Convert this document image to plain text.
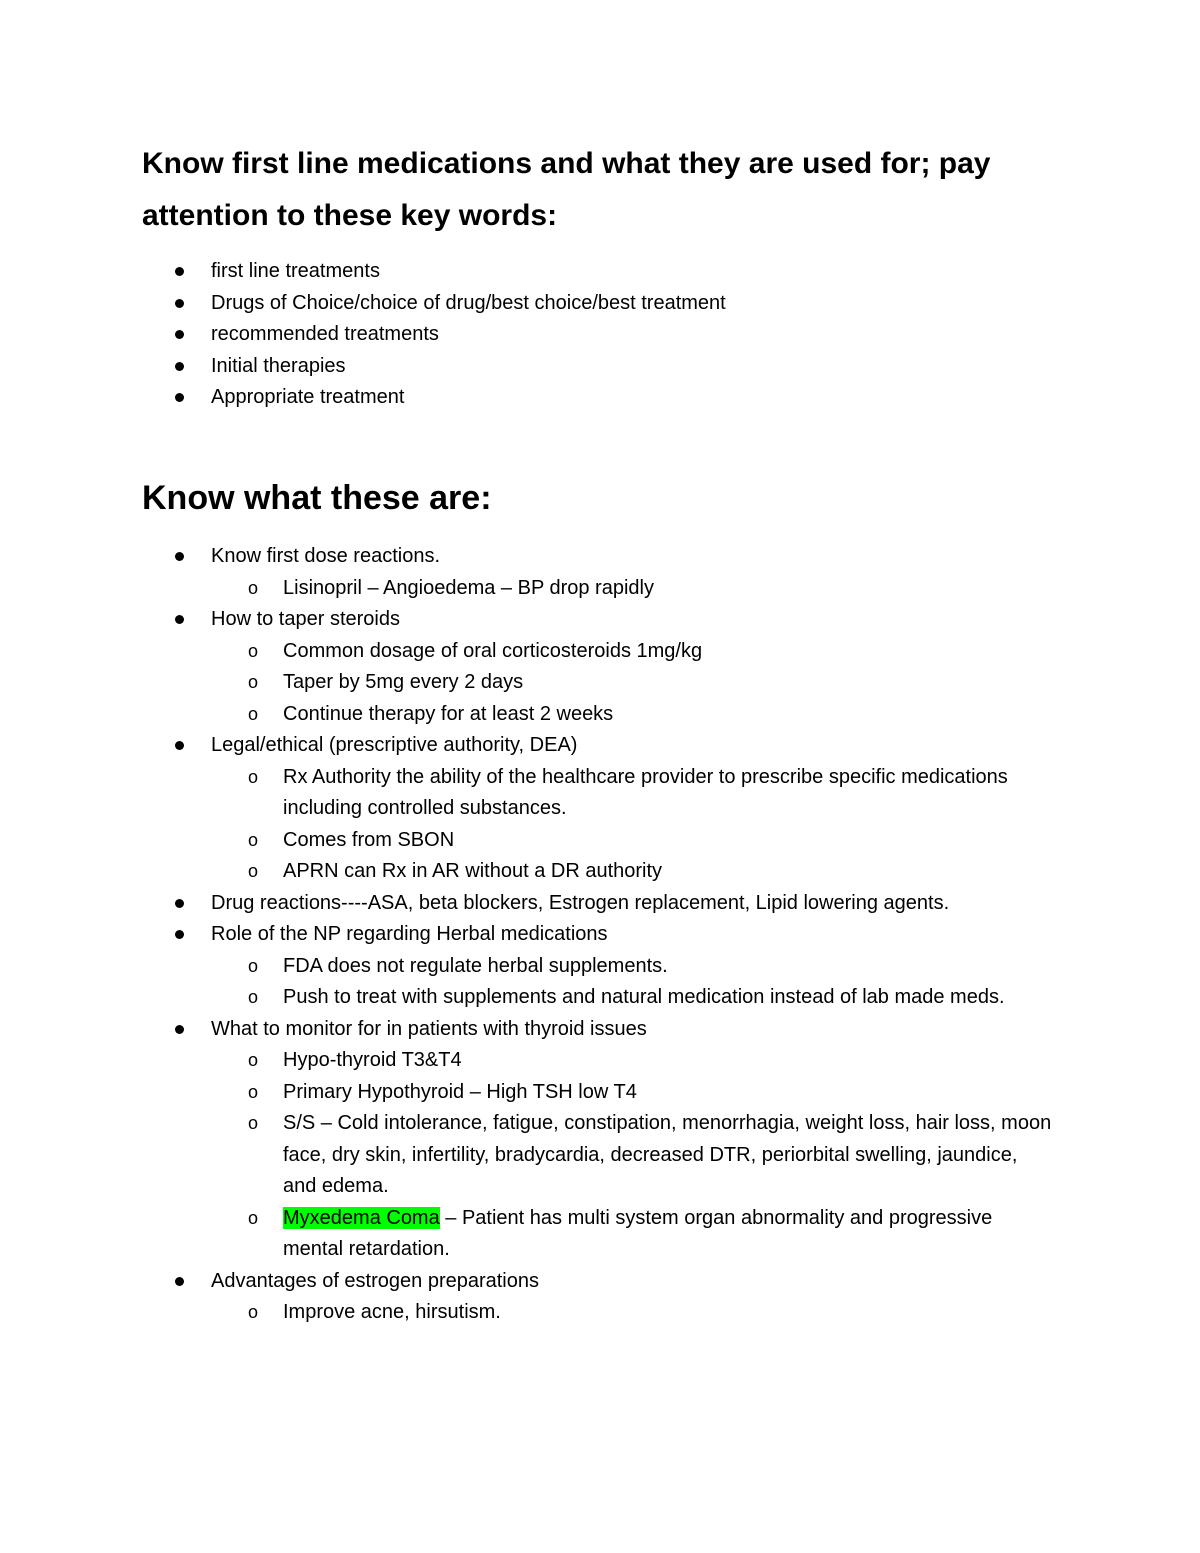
Know first line medications and what they are used for; pay
attention to these key words:
first line treatments
Drugs of Choice/choice of drug/best choice/best treatment
recommended treatments
Initial therapies
Appropriate treatment
Know what these are:
Know first dose reactions.
o	Lisinopril – Angioedema – BP drop rapidly
How to taper steroids
o	Common dosage of oral corticosteroids 1mg/kg
o	Taper by 5mg every 2 days
o	Continue therapy for at least 2 weeks
Legal/ethical (prescriptive authority, DEA)
o	Rx Authority the ability of the healthcare provider to prescribe specific medications including controlled substances.
o	Comes from SBON
o	APRN can Rx in AR without a DR authority
Drug reactions----ASA, beta blockers, Estrogen replacement, Lipid lowering agents.
Role of the NP regarding Herbal medications
o	FDA does not regulate herbal supplements.
o	Push to treat with supplements and natural medication instead of lab made meds.
What to monitor for in patients with thyroid issues
o	Hypo-thyroid T3&T4
o	Primary Hypothyroid – High TSH low T4
o	S/S – Cold intolerance, fatigue, constipation, menorrhagia, weight loss, hair loss, moon face, dry skin, infertility, bradycardia, decreased DTR, periorbital swelling, jaundice, and edema.
o	Myxedema Coma – Patient has multi system organ abnormality and progressive mental retardation.
Advantages of estrogen preparations
o	Improve acne, hirsutism.
